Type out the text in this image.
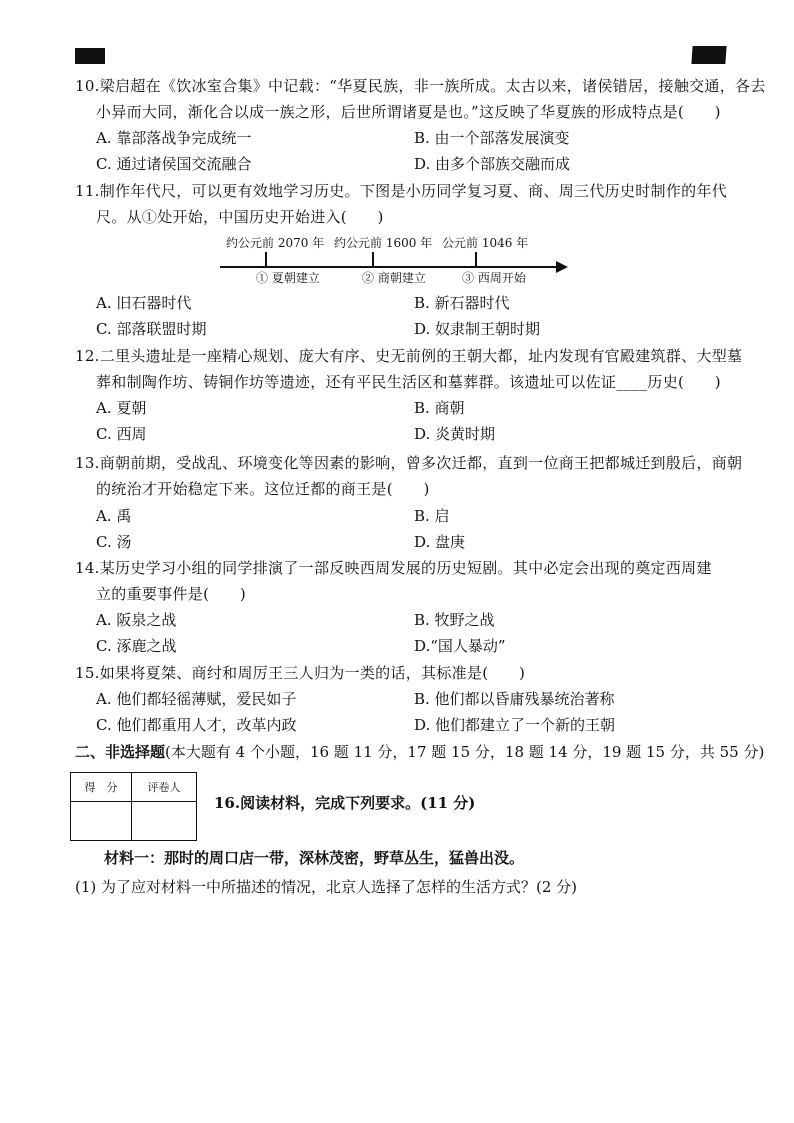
10.梁启超在《饮冰室合集》中记载：“华夏民族，非一族所成。太古以来，诸侯错居，接触交通，各去
小异而大同，渐化合以成一族之形，后世所谓诸夏是也。”这反映了华夏族的形成特点是(　　)
A. 靠部落战争完成统一	B. 由一个部落发展演变
C. 通过诸侯国交流融合	D. 由多个部族交融而成
11.制作年代尺，可以更有效地学习历史。下图是小历同学复习夏、商、周三代历史时制作的年代
尺。从①处开始，中国历史开始进入(　　)
约公元前 2070 年 约公元前 1600 年 公元前 1046 年
① 夏朝建立	② 商朝建立	③ 西周开始
A. 旧石器时代	B. 新石器时代
C. 部落联盟时期	D. 奴隶制王朝时期
12.二里头遗址是一座精心规划、庞大有序、史无前例的王朝大都，址内发现有官殿建筑群、大型墓
葬和制陶作坊、铸铜作坊等遗迹，还有平民生活区和墓葬群。该遗址可以佐证____历史(　　)
A. 夏朝	B. 商朝
C. 西周	D. 炎黄时期
13.商朝前期，受战乱、环境变化等因素的影响，曾多次迁都，直到一位商王把都城迁到殷后，商朝
的统治才开始稳定下来。这位迁都的商王是(　　)
A. 禹	B. 启
C. 汤	D. 盘庚
14.某历史学习小组的同学排演了一部反映西周发展的历史短剧。其中必定会出现的奠定西周建
立的重要事件是(　　)
A. 阪泉之战	B. 牧野之战
C. 涿鹿之战	D.“国人暴动”
15.如果将夏桀、商纣和周厉王三人归为一类的话，其标准是(　　)
A. 他们都轻徭薄赋，爱民如子	B. 他们都以昏庸残暴统治著称
C. 他们都重用人才，改革内政	D. 他们都建立了一个新的王朝
二、非选择题(本大题有 4 个小题，16 题 11 分，17 题 15 分，18 题 14 分，19 题 15 分，共 55 分)
得　分	评卷人

16.阅读材料，完成下列要求。(11 分)
材料一：那时的周口店一带，深林茂密，野草丛生，猛兽出没。
(1) 为了应对材料一中所描述的情况，北京人选择了怎样的生活方式？(2 分)
